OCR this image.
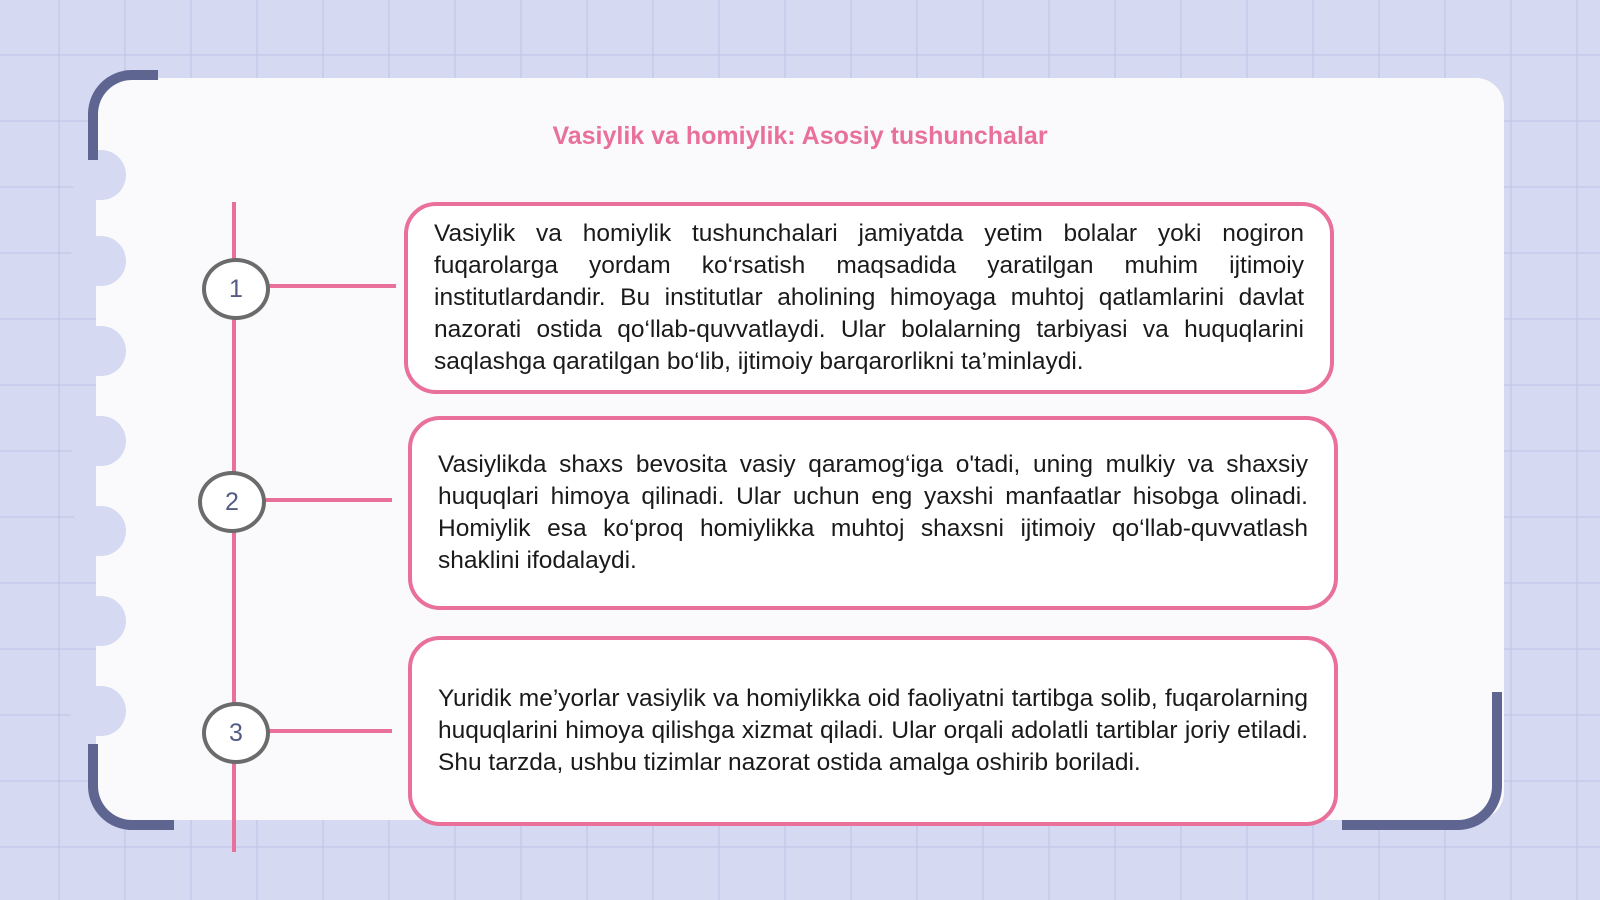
Vasiylik va homiylik: Asosiy tushunchalar
1
2
3
Vasiylik va homiylik tushunchalari jamiyatda yetim bolalar yoki nogiron fuqarolarga yordam ko‘rsatish maqsadida yaratilgan muhim ijtimoiy institutlardandir. Bu institutlar aholining himoyaga muhtoj qatlamlarini davlat nazorati ostida qo‘llab-quvvatlaydi. Ular bolalarning tarbiyasi va huquqlarini saqlashga qaratilgan bo‘lib, ijtimoiy barqarorlikni ta’minlaydi.
Vasiylikda shaxs bevosita vasiy qaramog‘iga o'tadi, uning mulkiy va shaxsiy huquqlari himoya qilinadi. Ular uchun eng yaxshi manfaatlar hisobga olinadi. Homiylik esa ko‘proq homiylikka muhtoj shaxsni ijtimoiy qo‘llab-quvvatlash shaklini ifodalaydi.
Yuridik me’yorlar vasiylik va homiylikka oid faoliyatni tartibga solib, fuqarolarning huquqlarini himoya qilishga xizmat qiladi. Ular orqali adolatli tartiblar joriy etiladi. Shu tarzda, ushbu tizimlar nazorat ostida amalga oshirib boriladi.
